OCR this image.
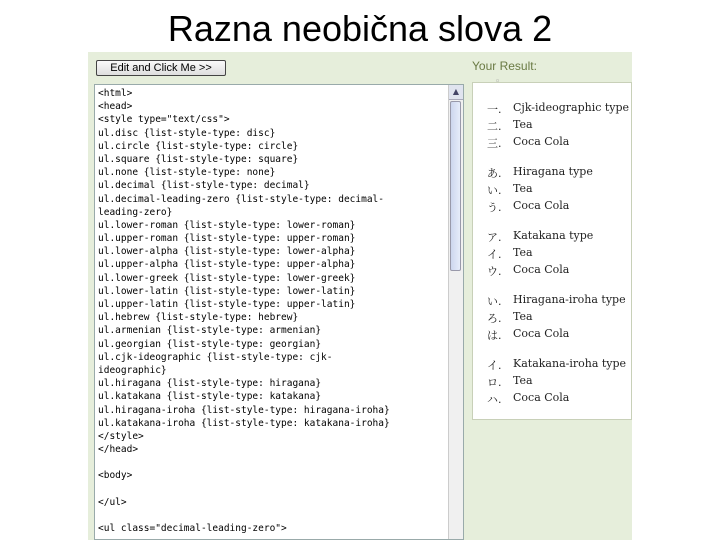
Razna neobična slova 2
Edit and Click Me >>
<html>
<head>
<style type="text/css">
ul.disc {list-style-type: disc}
ul.circle {list-style-type: circle}
ul.square {list-style-type: square}
ul.none {list-style-type: none}
ul.decimal {list-style-type: decimal}
ul.decimal-leading-zero {list-style-type: decimal-
leading-zero}
ul.lower-roman {list-style-type: lower-roman}
ul.upper-roman {list-style-type: upper-roman}
ul.lower-alpha {list-style-type: lower-alpha}
ul.upper-alpha {list-style-type: upper-alpha}
ul.lower-greek {list-style-type: lower-greek}
ul.lower-latin {list-style-type: lower-latin}
ul.upper-latin {list-style-type: upper-latin}
ul.hebrew {list-style-type: hebrew}
ul.armenian {list-style-type: armenian}
ul.georgian {list-style-type: georgian}
ul.cjk-ideographic {list-style-type: cjk-
ideographic}
ul.hiragana {list-style-type: hiragana}
ul.katakana {list-style-type: katakana}
ul.hiragana-iroha {list-style-type: hiragana-iroha}
ul.katakana-iroha {list-style-type: katakana-iroha}
</style>
</head>
<body>
</ul>
<ul class="decimal-leading-zero">
▲
Your Result:
◦
一.	Cjk-ideographic type
二.	Tea
三.	Coca Cola
あ.	Hiragana type
い.	Tea
う.	Coca Cola
ア.	Katakana type
イ.	Tea
ウ.	Coca Cola
い.	Hiragana-iroha type
ろ.	Tea
は.	Coca Cola
イ.	Katakana-iroha type
ロ.	Tea
ハ.	Coca Cola
